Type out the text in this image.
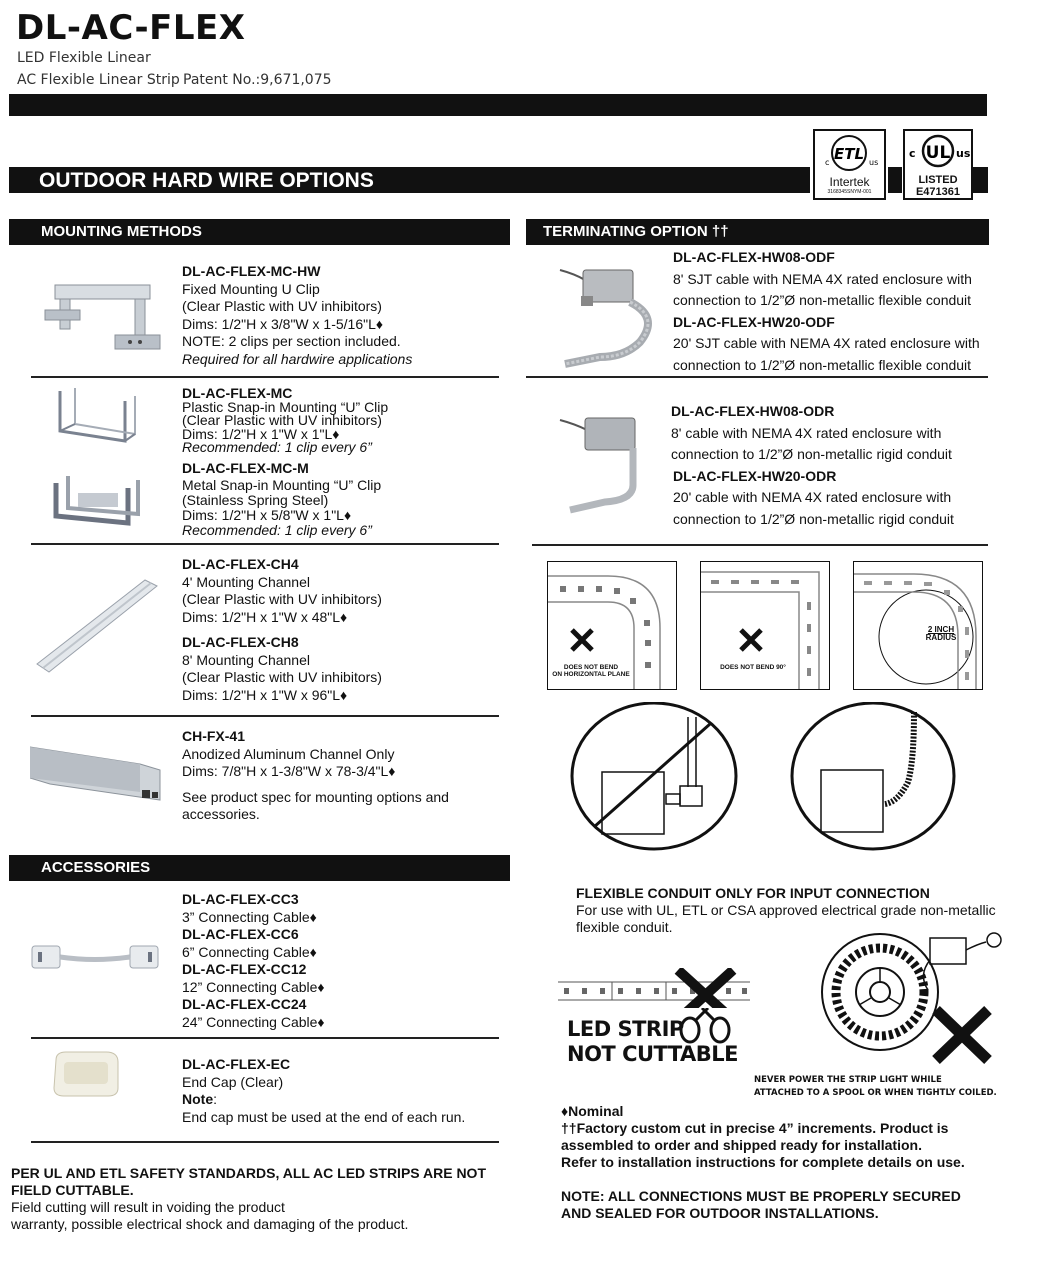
DL-AC-FLEX
LED Flexible Linear
AC Flexible Linear Strip Patent No.:9,671,075
OUTDOOR HARD WIRE OPTIONS
ETL
c	us
Intertek
3168345SNYM-001
UL
c	us
LISTED
E471361
MOUNTING METHODS
DL-AC-FLEX-MC-HW
Fixed Mounting U Clip
(Clear Plastic with UV inhibitors)
Dims: 1/2"H x 3/8"W x 1-5/16"L♦
NOTE: 2 clips per section included.
Required for all hardwire applications
DL-AC-FLEX-MC
Plastic Snap-in Mounting “U” Clip
(Clear Plastic with UV inhibitors)
Dims: 1/2"H x 1"W x 1"L♦
Recommended: 1 clip every 6”
DL-AC-FLEX-MC-M
Metal Snap-in Mounting “U” Clip
(Stainless Spring Steel)
Dims: 1/2"H x 5/8"W x 1"L♦
Recommended: 1 clip every 6”
DL-AC-FLEX-CH4
4' Mounting Channel
(Clear Plastic with UV inhibitors)
Dims: 1/2"H x 1"W x 48"L♦
DL-AC-FLEX-CH8
8' Mounting Channel
(Clear Plastic with UV inhibitors)
Dims: 1/2"H x 1"W x 96"L♦
CH-FX-41
Anodized Aluminum Channel Only
Dims: 7/8"H x 1-3/8"W x 78-3/4"L♦
See product spec for mounting options and
accessories.
ACCESSORIES
DL-AC-FLEX-CC3
3” Connecting Cable♦
DL-AC-FLEX-CC6
6” Connecting Cable♦
DL-AC-FLEX-CC12
12” Connecting Cable♦
DL-AC-FLEX-CC24
24” Connecting Cable♦
DL-AC-FLEX-EC
End Cap (Clear)
Note:
End cap must be used at the end of each run.
PER UL AND ETL SAFETY STANDARDS, ALL AC LED STRIPS ARE NOT
FIELD CUTTABLE.
Field cutting will result in voiding the product
warranty, possible electrical shock and damaging of the product.
TERMINATING OPTION ††
DL-AC-FLEX-HW08-ODF
8' SJT cable with NEMA 4X rated enclosure with
connection to 1/2”Ø non-metallic flexible conduit
DL-AC-FLEX-HW20-ODF
20' SJT cable with NEMA 4X rated enclosure with
connection to 1/2”Ø non-metallic flexible conduit
DL-AC-FLEX-HW08-ODR
8' cable with NEMA 4X rated enclosure with
connection to 1/2”Ø non-metallic rigid conduit
DL-AC-FLEX-HW20-ODR
20' cable with NEMA 4X rated enclosure with
connection to 1/2”Ø non-metallic rigid conduit
DOES NOT BEND
ON HORIZONTAL PLANE
DOES NOT BEND 90°
2 INCH
RADIUS
FLEXIBLE CONDUIT ONLY FOR INPUT CONNECTION
For use with UL, ETL or CSA approved electrical grade non-metallic
flexible conduit.
LED STRIP
NOT CUTTABLE
NEVER POWER THE STRIP LIGHT WHILE
ATTACHED TO A SPOOL OR WHEN TIGHTLY COILED.
♦Nominal
††Factory custom cut in precise 4” increments. Product is
assembled to order and shipped ready for installation.
Refer to installation instructions for complete details on use.
NOTE: ALL CONNECTIONS MUST BE PROPERLY SECURED
AND SEALED FOR OUTDOOR INSTALLATIONS.
